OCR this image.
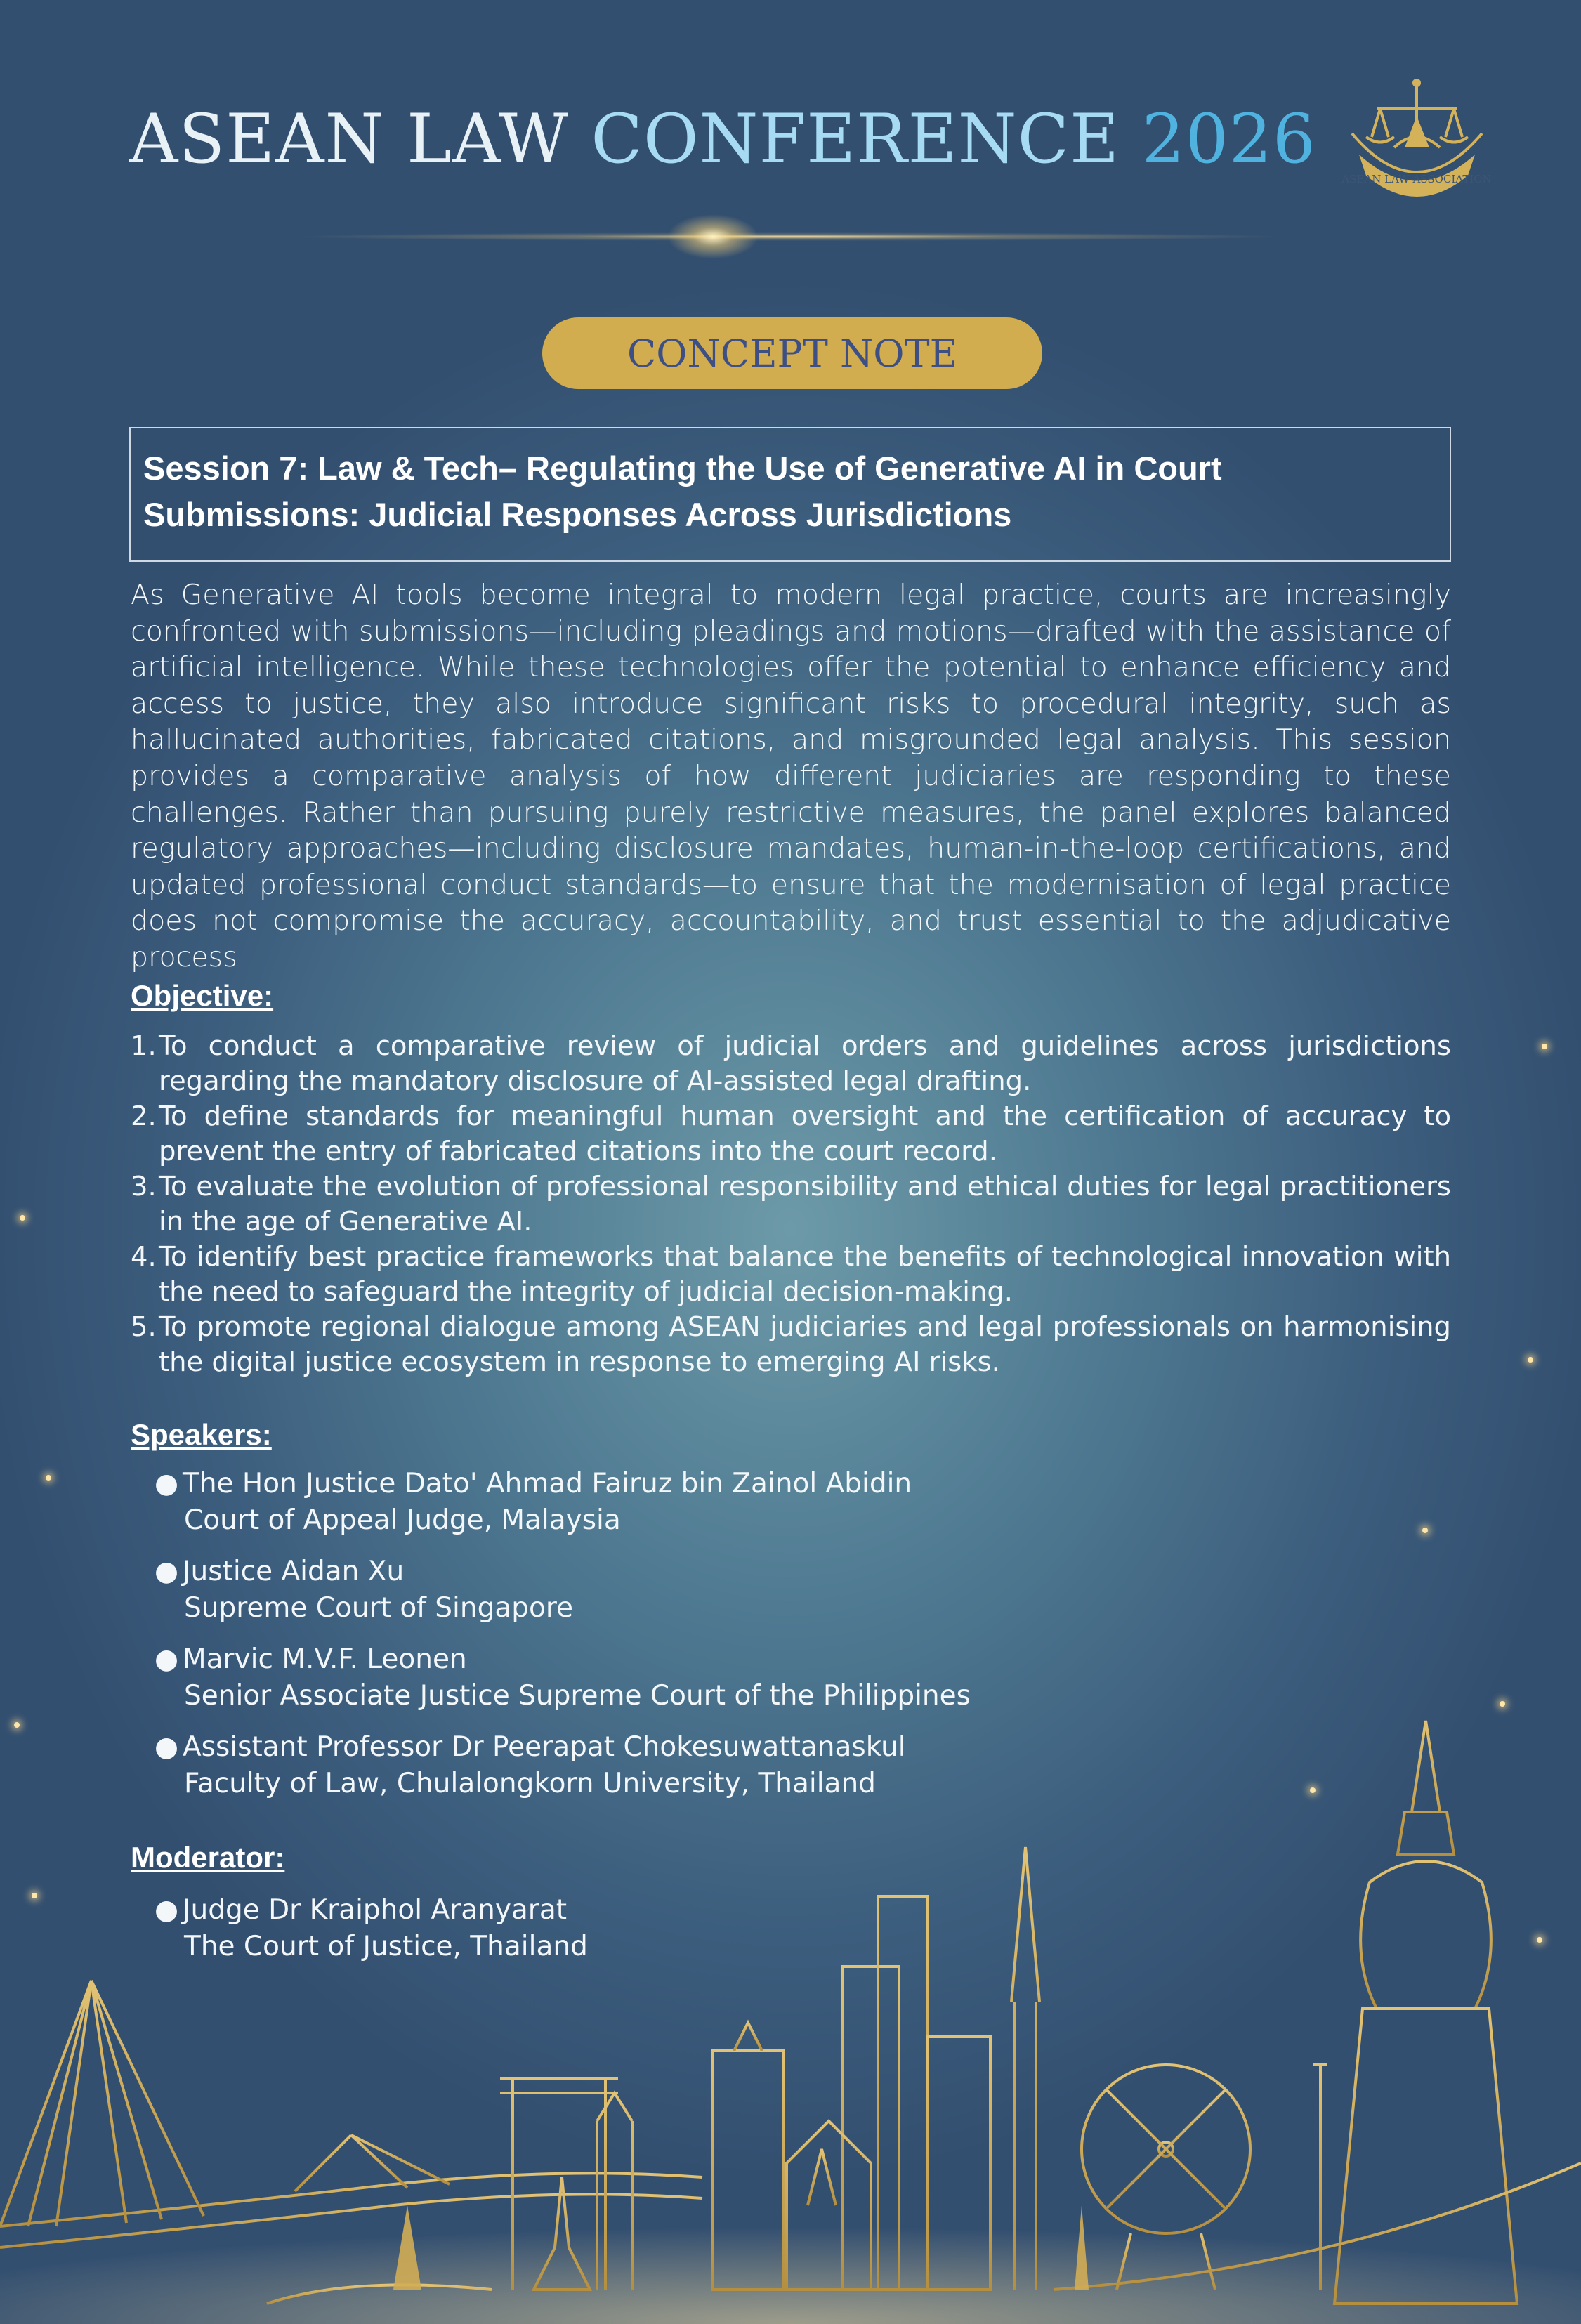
ASEAN LAW CONFERENCE 2026
ASEAN LAW ASSOCIATION
CONCEPT NOTE

Session 7: Law & Tech– Regulating the Use of Generative AI in Court
Submissions: Judicial Responses Across Jurisdictions

As Generative AI tools become integral to modern legal practice, courts are increasingly confronted with submissions—including pleadings and motions—drafted with the assistance of artificial intelligence. While these technologies offer the potential to enhance efficiency and access to justice, they also introduce significant risks to procedural integrity, such as hallucinated authorities, fabricated citations, and misgrounded legal analysis. This session provides a comparative analysis of how different judiciaries are responding to these challenges. Rather than pursuing purely restrictive measures, the panel explores balanced regulatory approaches—including disclosure mandates, human-in-the-loop certifications, and updated professional conduct standards—to ensure that the modernisation of legal practice does not compromise the accuracy, accountability, and trust essential to the adjudicative process

Objective:
1. To conduct a comparative review of judicial orders and guidelines across jurisdictions regarding the mandatory disclosure of AI-assisted legal drafting.
2. To define standards for meaningful human oversight and the certification of accuracy to prevent the entry of fabricated citations into the court record.
3. To evaluate the evolution of professional responsibility and ethical duties for legal practitioners in the age of Generative AI.
4. To identify best practice frameworks that balance the benefits of technological innovation with the need to safeguard the integrity of judicial decision-making.
5. To promote regional dialogue among ASEAN judiciaries and legal professionals on harmonising the digital justice ecosystem in response to emerging AI risks.
Speakers:
● The Hon Justice Dato' Ahmad Fairuz bin Zainol Abidin
Court of Appeal Judge, Malaysia
● Justice Aidan Xu
Supreme Court of Singapore
● Marvic M.V.F. Leonen
Senior Associate Justice Supreme Court of the Philippines
● Assistant Professor Dr Peerapat Chokesuwattanaskul
Faculty of Law, Chulalongkorn University, Thailand
Moderator:
● Judge Dr Kraiphol Aranyarat
The Court of Justice, Thailand
